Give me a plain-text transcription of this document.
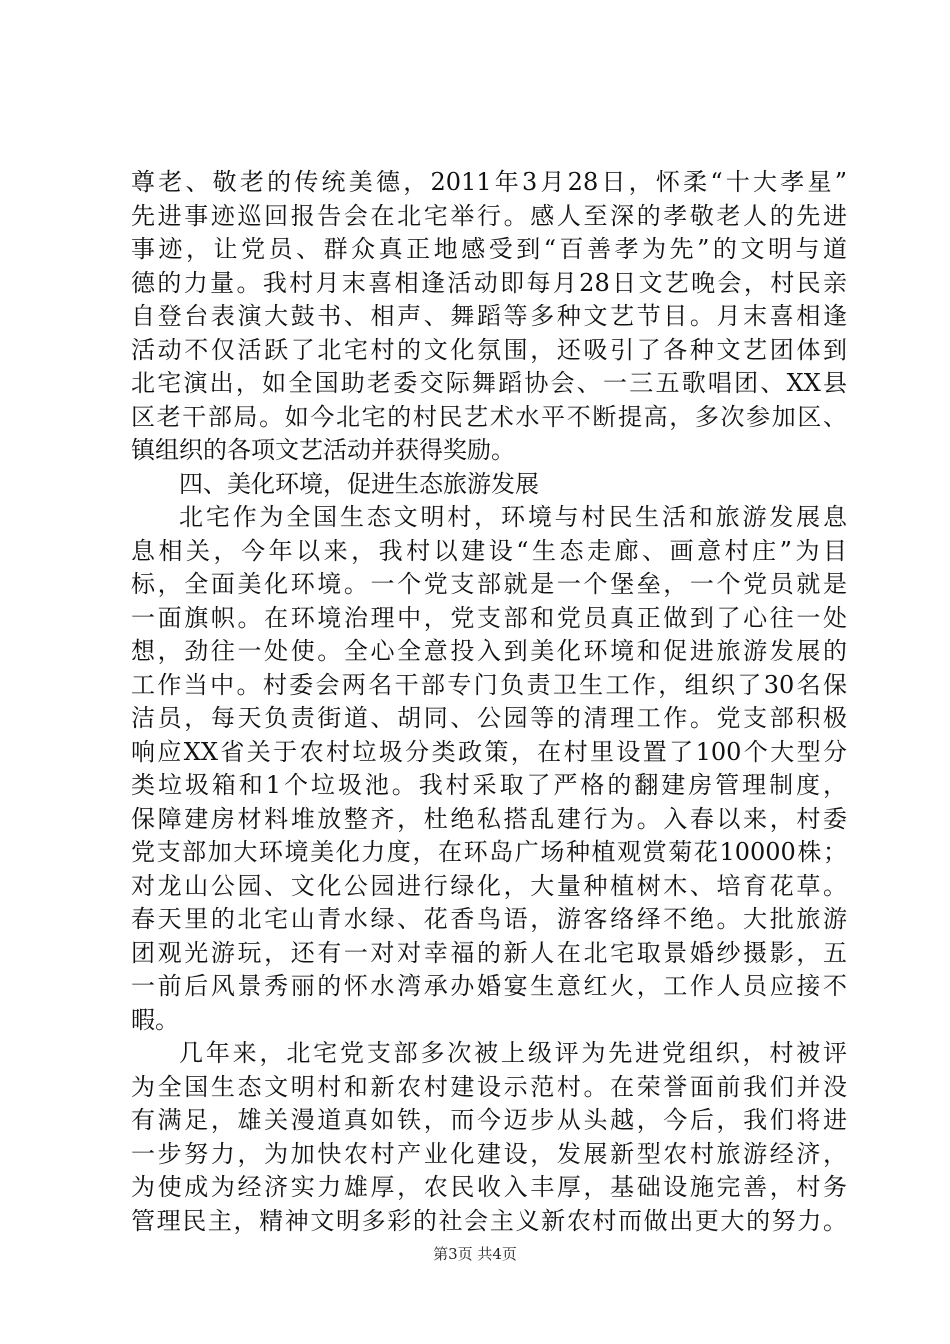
尊老、敬老的传统美德，2011年3月28日，怀柔“十大孝星”
先进事迹巡回报告会在北宅举行。感人至深的孝敬老人的先进
事迹，让党员、群众真正地感受到“百善孝为先”的文明与道
德的力量。我村月末喜相逢活动即每月28日文艺晚会，村民亲
自登台表演大鼓书、相声、舞蹈等多种文艺节目。月末喜相逢
活动不仅活跃了北宅村的文化氛围，还吸引了各种文艺团体到
北宅演出，如全国助老委交际舞蹈协会、一三五歌唱团、XX县
区老干部局。如今北宅的村民艺术水平不断提高，多次参加区、
镇组织的各项文艺活动并获得奖励。
四、美化环境，促进生态旅游发展
北宅作为全国生态文明村，环境与村民生活和旅游发展息
息相关，今年以来，我村以建设“生态走廊、画意村庄”为目
标，全面美化环境。一个党支部就是一个堡垒，一个党员就是
一面旗帜。在环境治理中，党支部和党员真正做到了心往一处
想，劲往一处使。全心全意投入到美化环境和促进旅游发展的
工作当中。村委会两名干部专门负责卫生工作，组织了30名保
洁员，每天负责街道、胡同、公园等的清理工作。党支部积极
响应XX省关于农村垃圾分类政策，在村里设置了100个大型分
类垃圾箱和1个垃圾池。我村采取了严格的翻建房管理制度，
保障建房材料堆放整齐，杜绝私搭乱建行为。入春以来，村委
党支部加大环境美化力度，在环岛广场种植观赏菊花10000株；
对龙山公园、文化公园进行绿化，大量种植树木、培育花草。
春天里的北宅山青水绿、花香鸟语，游客络绎不绝。大批旅游
团观光游玩，还有一对对幸福的新人在北宅取景婚纱摄影，五
一前后风景秀丽的怀水湾承办婚宴生意红火，工作人员应接不
暇。
几年来，北宅党支部多次被上级评为先进党组织，村被评
为全国生态文明村和新农村建设示范村。在荣誉面前我们并没
有满足，雄关漫道真如铁，而今迈步从头越，今后，我们将进
一步努力，为加快农村产业化建设，发展新型农村旅游经济，
为使成为经济实力雄厚，农民收入丰厚，基础设施完善，村务
管理民主，精神文明多彩的社会主义新农村而做出更大的努力。
第3页 共4页
